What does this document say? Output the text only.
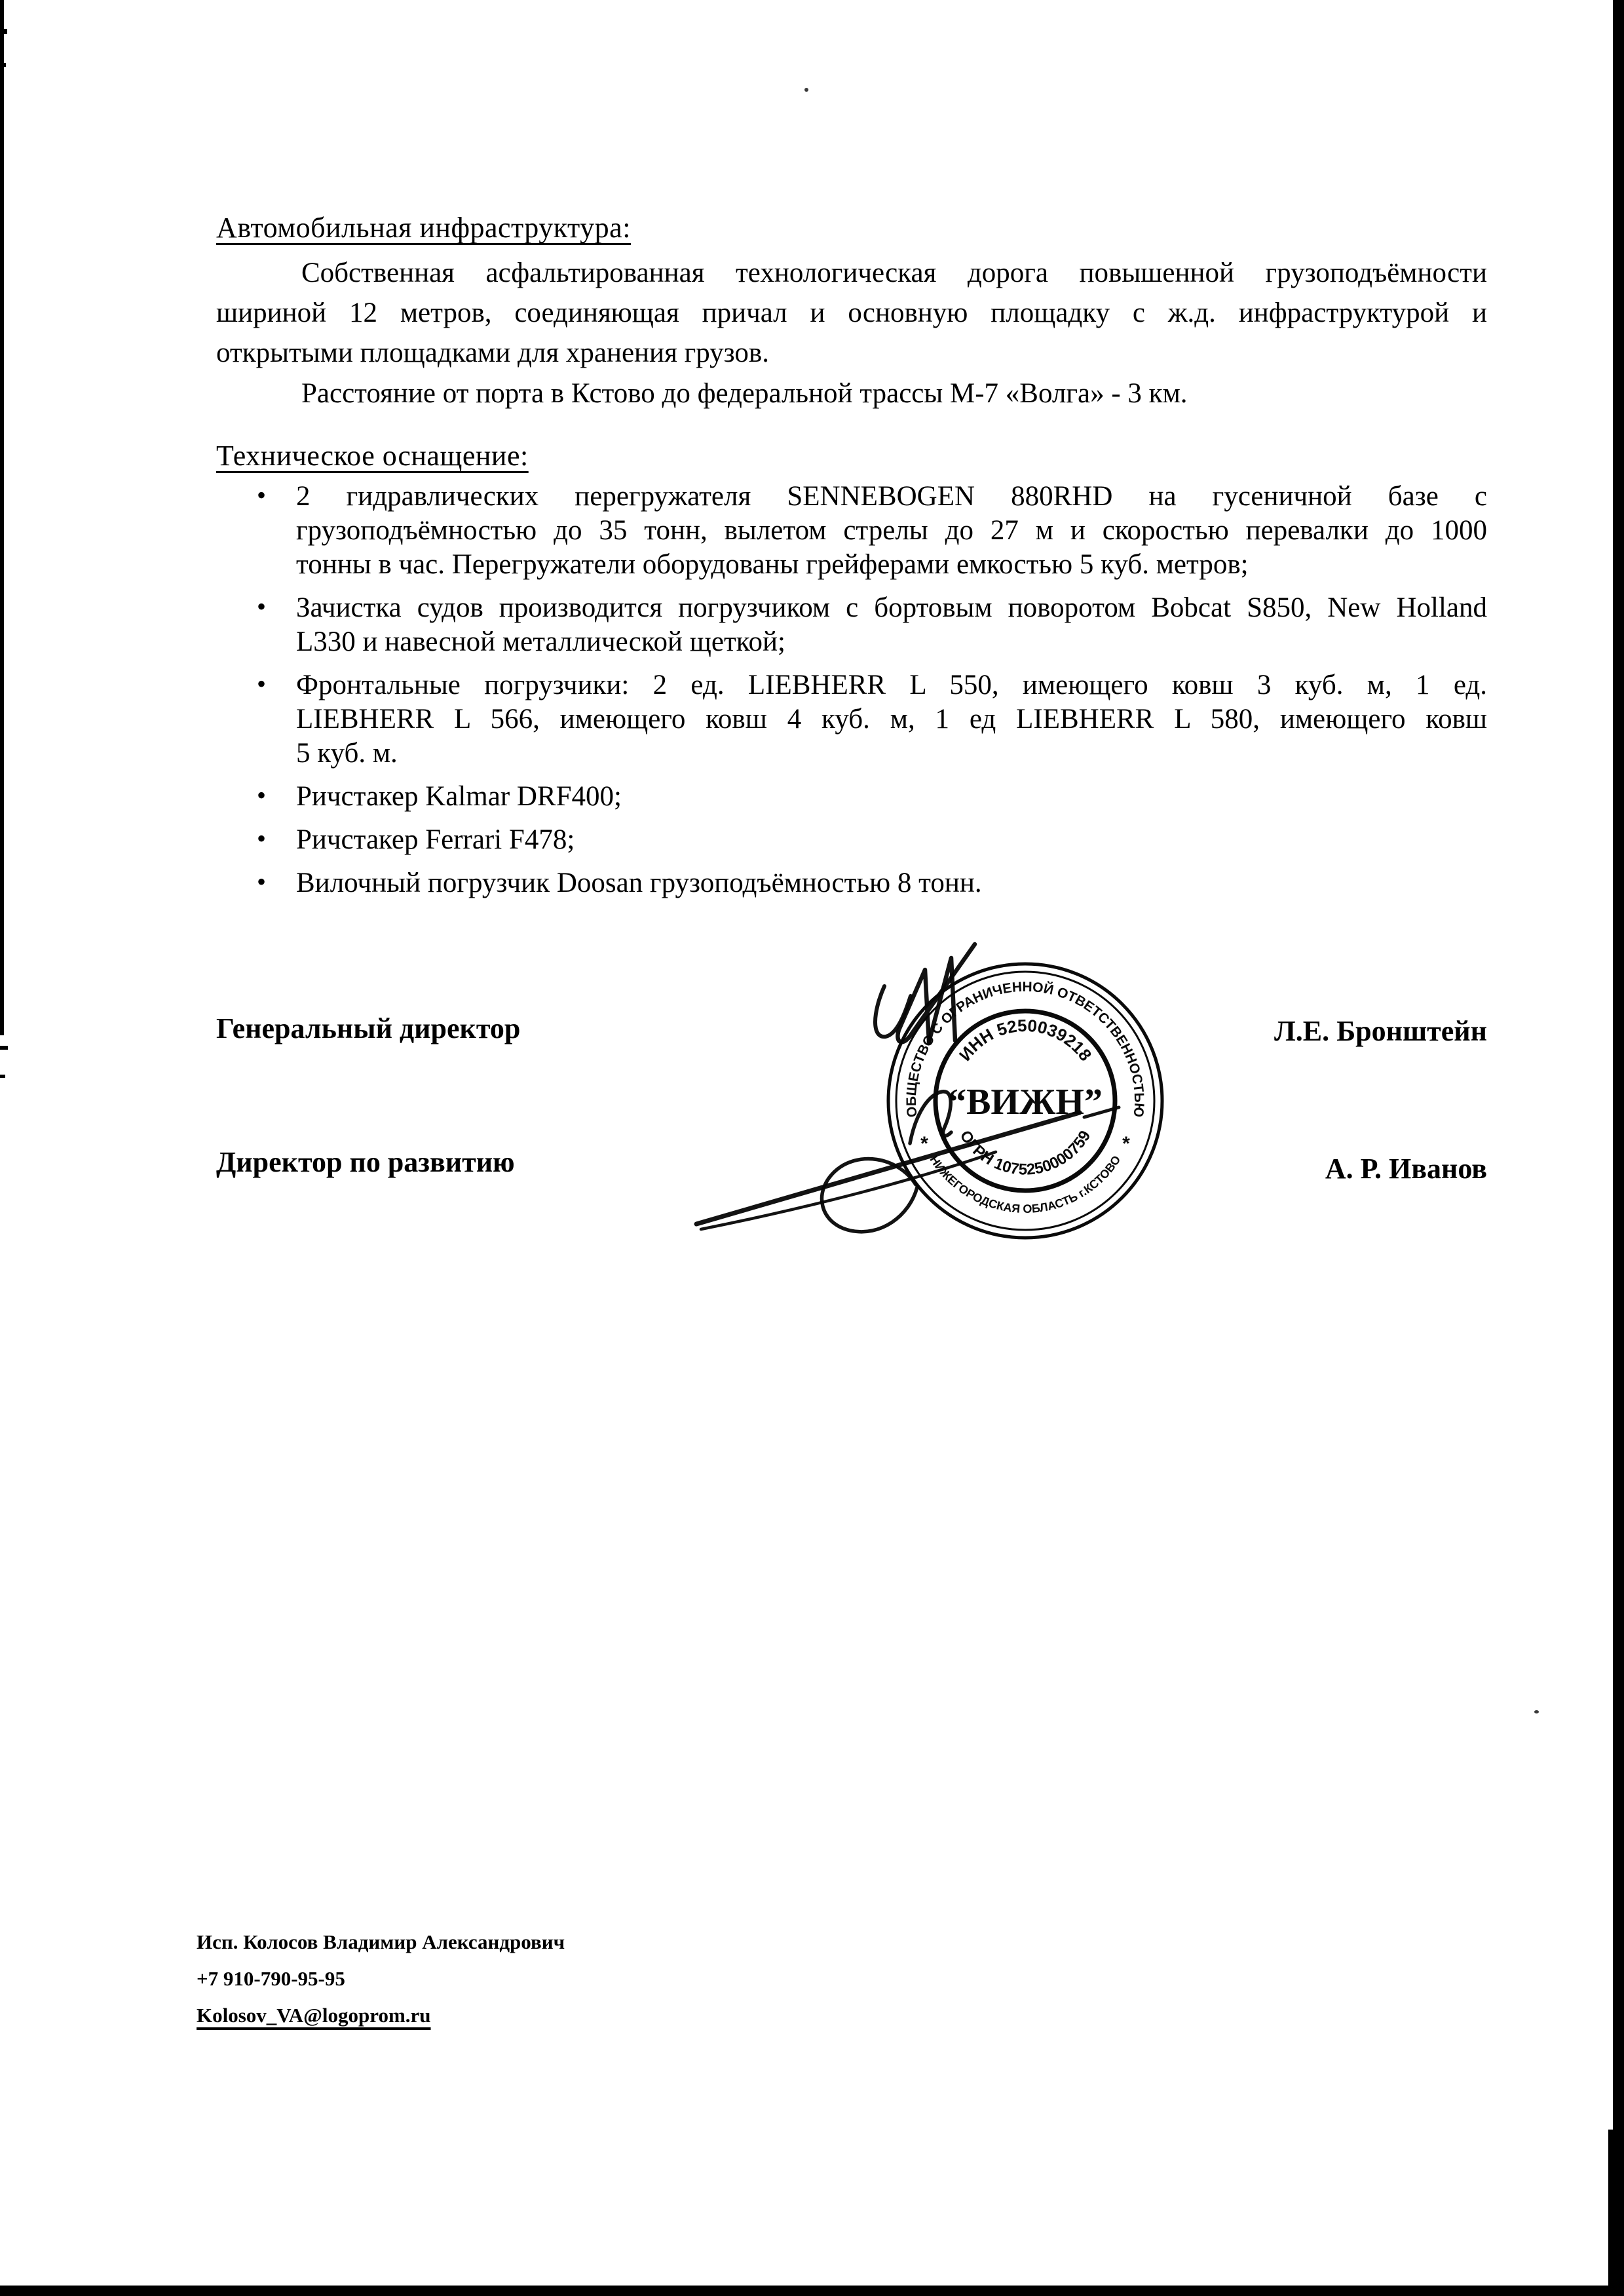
Автомобильная инфраструктура:
Собственная асфальтированная технологическая дорога повышенной грузоподъёмности
шириной 12 метров, соединяющая причал и основную площадку с ж.д. инфраструктурой и
открытыми площадками для хранения грузов.
Расстояние от порта в Кстово до федеральной трассы М-7 «Волга» - 3 км.
Техническое оснащение:
• 2 гидравлических перегружателя SENNEBOGEN 880RHD на гусеничной базе с
грузоподъёмностью до 35 тонн, вылетом стрелы до 27 м и скоростью перевалки до 1000
тонны в час. Перегружатели оборудованы грейферами емкостью 5 куб. метров;
• Зачистка судов производится погрузчиком с бортовым поворотом Bobcat S850, New Holland
L330 и навесной металлической щеткой;
• Фронтальные погрузчики: 2 ед. LIEBHERR L 550, имеющего ковш 3 куб. м, 1 ед.
LIEBHERR L 566, имеющего ковш 4 куб. м, 1 ед LIEBHERR L 580, имеющего ковш
5 куб. м.
• Ричстакер Kalmar DRF400;
• Ричстакер Ferrari F478;
• Вилочный погрузчик Doosan грузоподъёмностью 8 тонн.
Генеральный директор	Л.Е. Бронштейн
Директор по развитию	А. Р. Иванов
ОБЩЕСТВО С ОГРАНИЧЕННОЙ ОТВЕТСТВЕННОСТЬЮ
НИЖЕГОРОДСКАЯ ОБЛАСТЬ г.КСТОВО
*	*
ИНН 5250039218
ОГРН 1075250000759
“ВИЖН”
Исп. Колосов Владимир Александрович
+7 910-790-95-95
Kolosov_VA@logoprom.ru
